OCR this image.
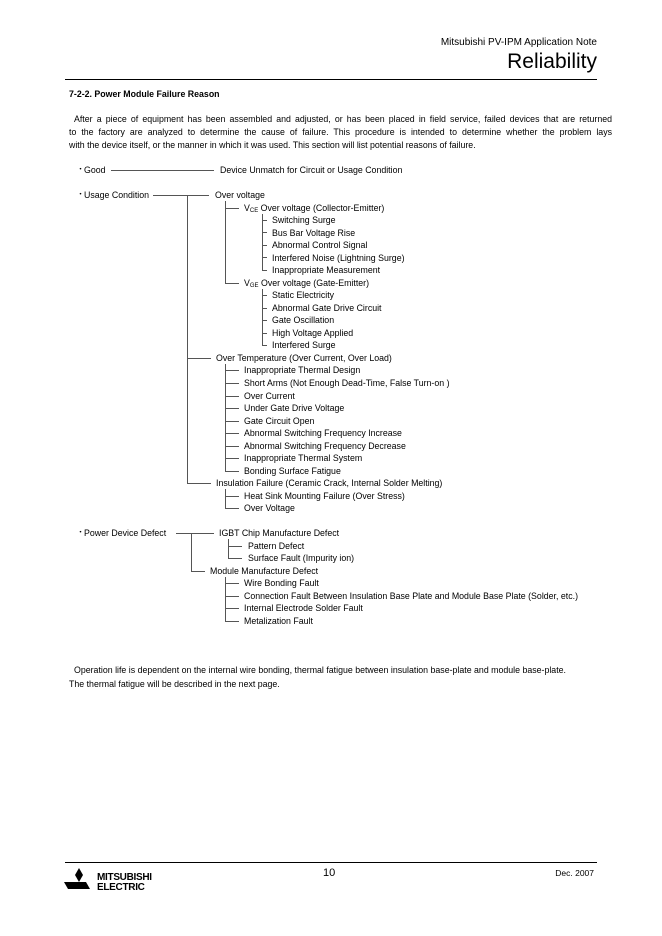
Mitsubishi PV-IPM Application Note
Reliability
7-2-2. Power Module Failure Reason

After a piece of equipment has been assembled and adjusted, or has been placed in field service, failed devices that are returned

to the factory are analyzed to determine the cause of failure. This procedure is intended to determine whether the problem lays

with the device itself, or the manner in which it was used. This section will list potential reasons of failure.

・
Good	Device Unmatch for Circuit or Usage Condition
・
Usage Condition	Over voltage
$V_{CE}$ Over voltage (Collector-Emitter)
Switching Surge
Bus Bar Voltage Rise
Abnormal Control Signal
Interfered Noise (Lightning Surge)
Inappropriate Measurement
$V_{GE}$ Over voltage (Gate-Emitter)
Static Electricity
Abnormal Gate Drive Circuit
Gate Oscillation
High Voltage Applied
Interfered Surge
Over Temperature (Over Current, Over Load)
Inappropriate Thermal Design
Short Arms (Not Enough Dead-Time, False Turn-on )
Over Current
Under Gate Drive Voltage
Gate Circuit Open
Abnormal Switching Frequency Increase
Abnormal Switching Frequency Decrease
Inappropriate Thermal System
Bonding Surface Fatigue
Insulation Failure (Ceramic Crack, Internal Solder Melting)
Heat Sink Mounting Failure (Over Stress)
Over Voltage
・
Power Device Defect	IGBT Chip Manufacture Defect
Pattern Defect
Surface Fault (Impurity ion)
Module Manufacture Defect
Wire Bonding Fault
Connection Fault Between Insulation Base Plate and Module Base Plate (Solder, etc.)
Internal Electrode Solder Fault
Metalization Fault
Operation life is dependent on the internal wire bonding, thermal fatigue between insulation base-plate and module base-plate.
The thermal fatigue will be described in the next page.
MITSUBISHI
ELECTRIC
10	Dec. 2007
